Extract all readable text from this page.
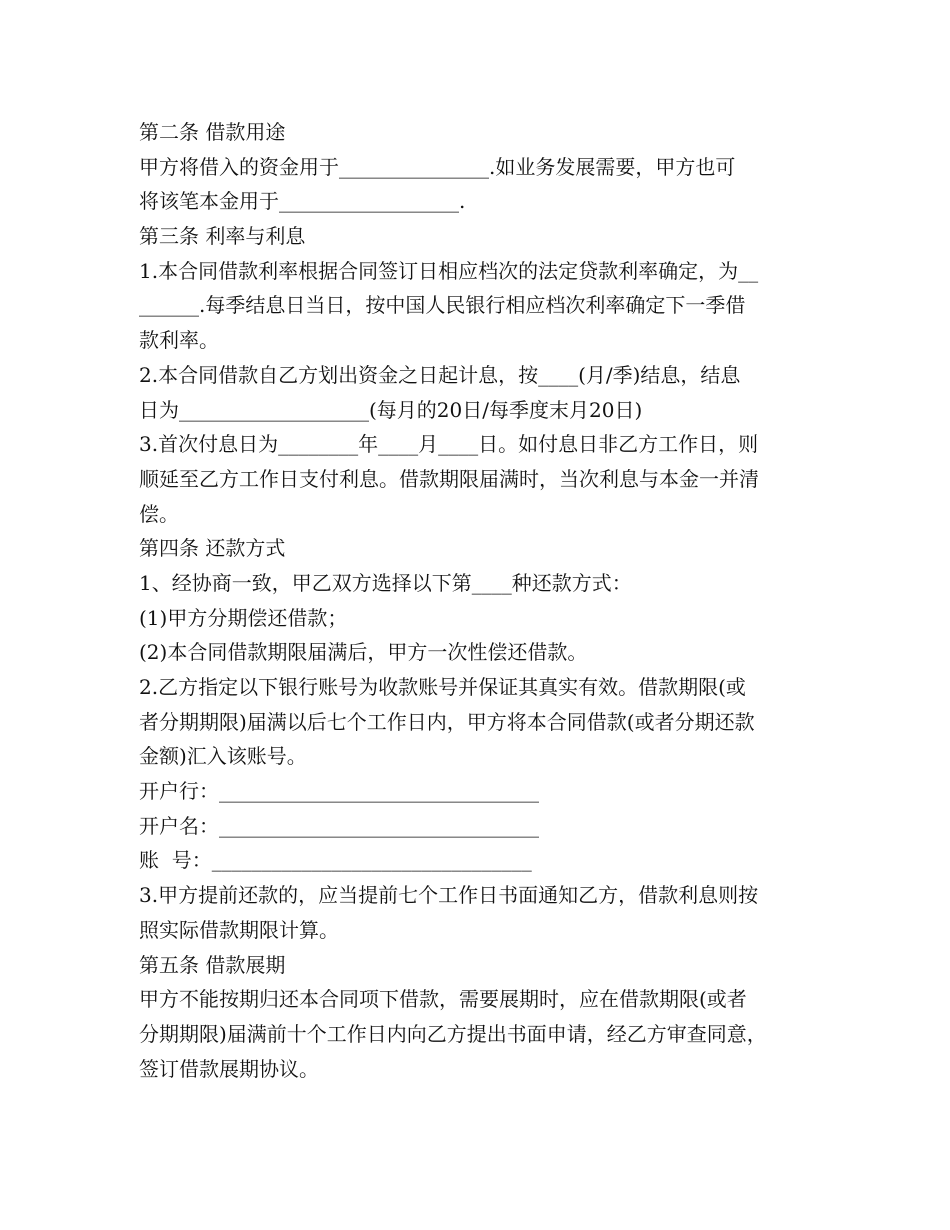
第二条 借款用途
甲方将借入的资金用于_______________.如业务发展需要，甲方也可
将该笔本金用于__________________.
第三条 利率与利息
1.本合同借款利率根据合同签订日相应档次的法定贷款利率确定，为__
______.每季结息日当日，按中国人民银行相应档次利率确定下一季借
款利率。
2.本合同借款自乙方划出资金之日起计息，按____(月/季)结息，结息
日为___________________(每月的20日/每季度末月20日)
3.首次付息日为________年____月____日。如付息日非乙方工作日，则
顺延至乙方工作日支付利息。借款期限届满时，当次利息与本金一并清
偿。
第四条 还款方式
1、经协商一致，甲乙双方选择以下第____种还款方式：
(1)甲方分期偿还借款；
(2)本合同借款期限届满后，甲方一次性偿还借款。
2.乙方指定以下银行账号为收款账号并保证其真实有效。借款期限(或
者分期期限)届满以后七个工作日内，甲方将本合同借款(或者分期还款
金额)汇入该账号。
开户行：________________________________
开户名：________________________________
账  号：________________________________
3.甲方提前还款的，应当提前七个工作日书面通知乙方，借款利息则按
照实际借款期限计算。
第五条 借款展期
甲方不能按期归还本合同项下借款，需要展期时，应在借款期限(或者
分期期限)届满前十个工作日内向乙方提出书面申请，经乙方审查同意，
签订借款展期协议。
